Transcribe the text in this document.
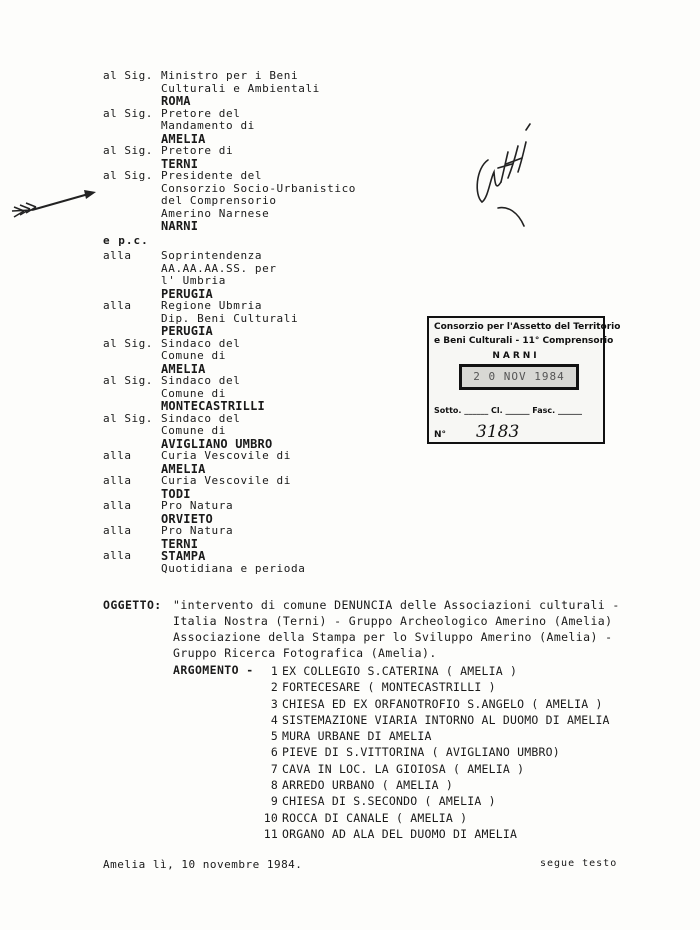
al Sig. Ministro per i Beni
Culturali e Ambientali
ROMA
al Sig. Pretore del
Mandamento di
AMELIA
al Sig. Pretore di
TERNI
al Sig. Presidente del
Consorzio Socio-Urbanistico
del Comprensorio
Amerino Narnese
NARNI
e p.c.
alla	Soprintendenza
AA.AA.AA.SS. per
l' Umbria
PERUGIA
alla	Regione Ubmria
Dip. Beni Culturali
PERUGIA
al Sig. Sindaco del
Comune di
AMELIA
al Sig. Sindaco del
Comune di
MONTECASTRILLI
al Sig. Sindaco del
Comune di
AVIGLIANO UMBRO
alla	Curia Vescovile di
AMELIA
alla	Curia Vescovile di
TODI
alla	Pro Natura
ORVIETO
alla	Pro Natura
TERNI
alla	STAMPA
Quotidiana e perioda
Consorzio per l'Assetto del Territorio
e Beni Culturali - 11° Comprensorio
NARNI
2 0 NOV 1984
Sotto. ______ Cl. ______ Fasc. ______
N° 3183
OGGETTO: "intervento di comune DENUNCIA delle Associazioni culturali -
Italia Nostra (Terni) - Gruppo Archeologico Amerino (Amelia)
Associazione della Stampa per lo Sviluppo Amerino (Amelia) -
Gruppo Ricerca Fotografica (Amelia).
ARGOMENTO -	1 EX COLLEGIO S.CATERINA ( AMELIA )
2 FORTECESARE ( MONTECASTRILLI )
3 CHIESA ED EX ORFANOTROFIO S.ANGELO ( AMELIA )
4 SISTEMAZIONE VIARIA INTORNO AL DUOMO DI AMELIA
5 MURA URBANE DI AMELIA
6 PIEVE DI S.VITTORINA ( AVIGLIANO UMBRO)
7 CAVA IN LOC. LA GIOIOSA ( AMELIA )
8 ARREDO URBANO ( AMELIA )
9 CHIESA DI S.SECONDO ( AMELIA )
10 ROCCA DI CANALE ( AMELIA )
11 ORGANO AD ALA DEL DUOMO DI AMELIA
Amelia lì, 10 novembre 1984.	segue testo
